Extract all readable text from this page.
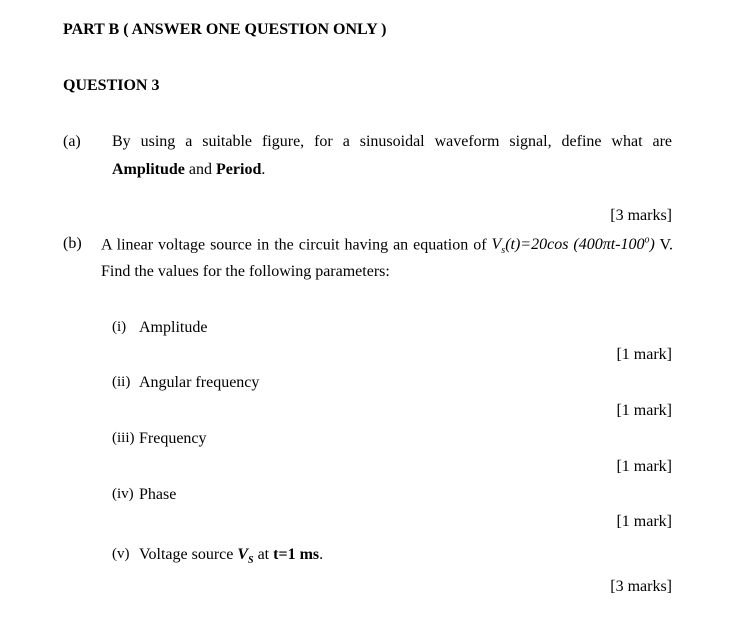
PART B ( ANSWER ONE QUESTION ONLY )
QUESTION 3
(a) By using a suitable figure, for a sinusoidal waveform signal, define what are
Amplitude and Period.
[3 marks]
(b) A linear voltage source in the circuit having an equation of $V_s(t)=20\cos$ (400πt-100$^o$) V.
Find the values for the following parameters:
(i) Amplitude
[1 mark]
(ii) Angular frequency
[1 mark]
(iii) Frequency
[1 mark]
(iv) Phase
[1 mark]
(v) Voltage source $V_S$ at t=1 ms.
[3 marks]
